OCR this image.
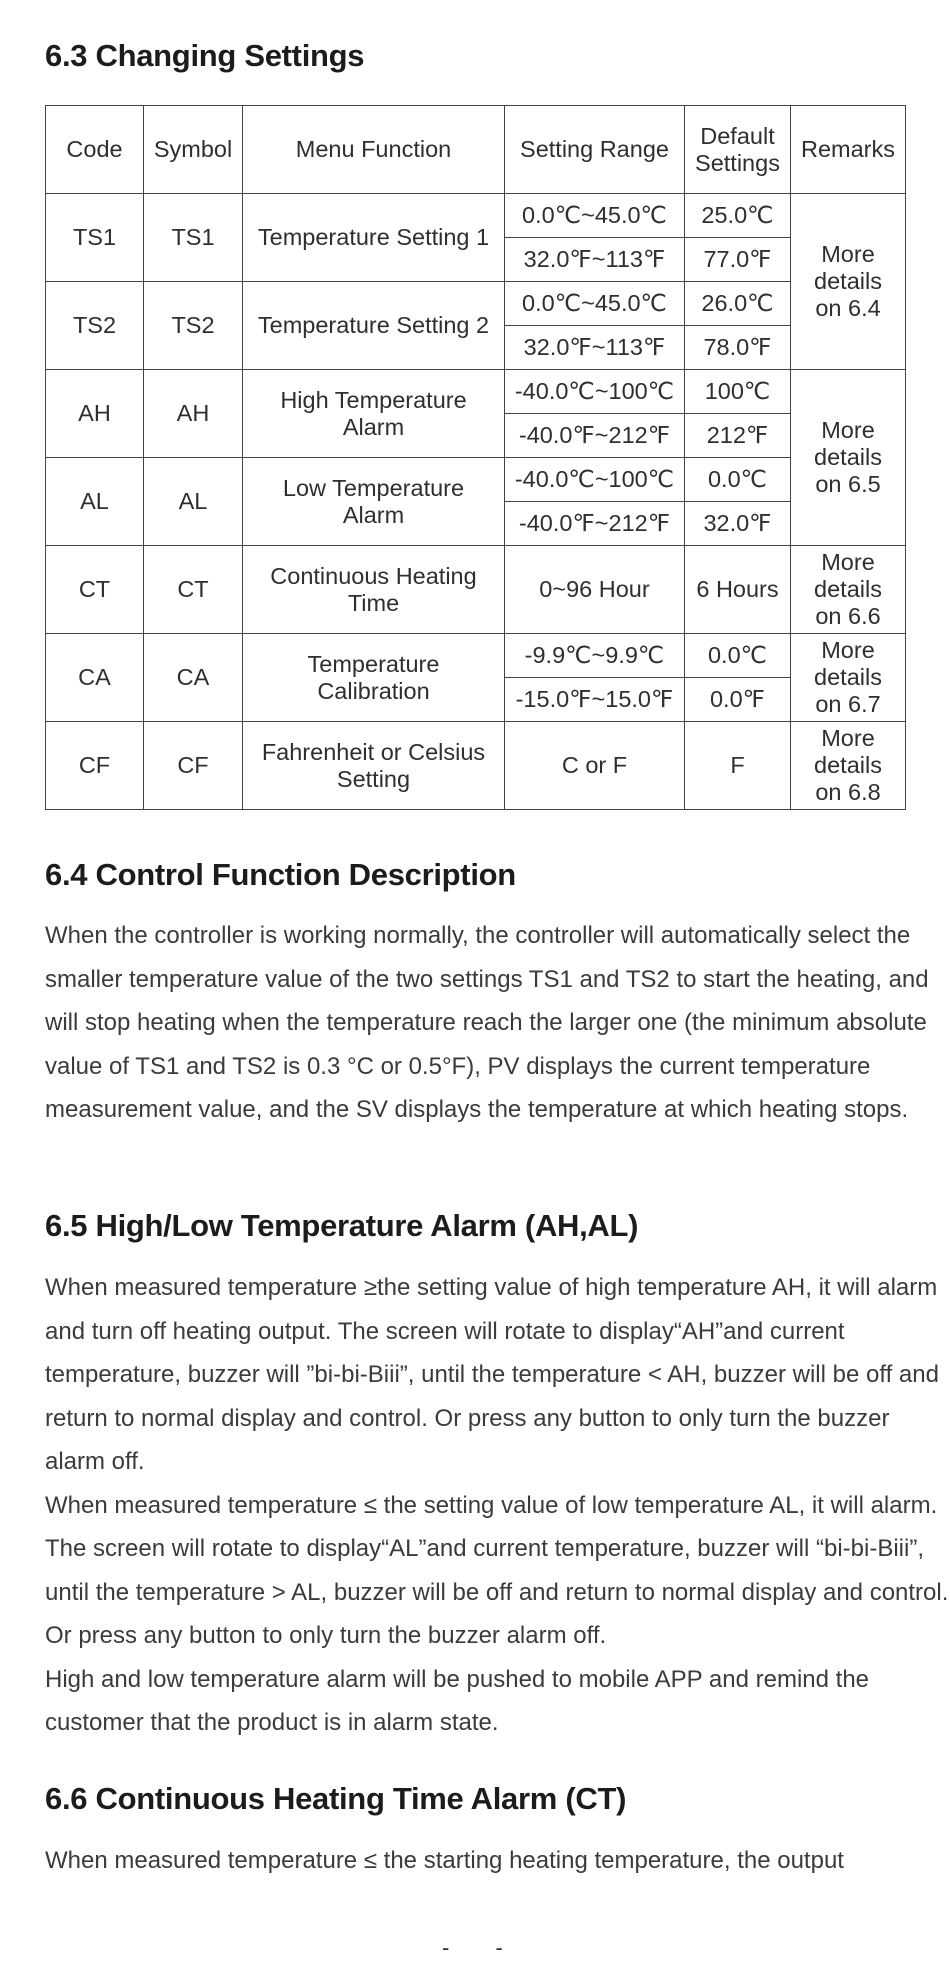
6.3 Changing Settings
Code	Symbol	Menu Function	Setting Range	Default Settings	Remarks
TS1	TS1	Temperature Setting 1	0.0℃~45.0℃	25.0℃	More details on 6.4
			32.0℉~113℉	77.0℉	
TS2	TS2	Temperature Setting 2	0.0℃~45.0℃	26.0℃	
			32.0℉~113℉	78.0℉	
AH	AH	High Temperature Alarm	-40.0℃~100℃	100℃	More details on 6.5
			-40.0℉~212℉	212℉	
AL	AL	Low Temperature Alarm	-40.0℃~100℃	0.0℃	
			-40.0℉~212℉	32.0℉	
CT	CT	Continuous Heating Time	0~96 Hour	6 Hours	More details on 6.6
CA	CA	Temperature Calibration	-9.9℃~9.9℃	0.0℃	More details on 6.7
			-15.0℉~15.0℉	0.0℉	
CF	CF	Fahrenheit or Celsius Setting	C or F	F	More details on 6.8
6.4 Control Function Description

When the controller is working normally, the controller will automatically select the smaller temperature value of the two settings TS1 and TS2 to start the heating, and will stop heating when the temperature reach the larger one (the minimum absolute value of TS1 and TS2 is 0.3 °C or 0.5°F), PV displays the current temperature measurement value, and the SV displays the temperature at which heating stops.

6.5 High/Low Temperature Alarm (AH,AL)
When measured temperature ≥the setting value of high temperature AH, it will alarm and turn off heating output. The screen will rotate to display“AH”and current temperature, buzzer will ”bi-bi-Biii”, until the temperature < AH, buzzer will be off and return to normal display and control. Or press any button to only turn the buzzer alarm off.
When measured temperature ≤ the setting value of low temperature AL, it will alarm. The screen will rotate to display“AL”and current temperature, buzzer will “bi-bi-Biii”, until the temperature > AL, buzzer will be off and return to normal display and control. Or press any button to only turn the buzzer alarm off.
High and low temperature alarm will be pushed to mobile APP and remind the customer that the product is in alarm state.
6.6 Continuous Heating Time Alarm (CT)

When measured temperature ≤ the starting heating temperature, the output

- -
